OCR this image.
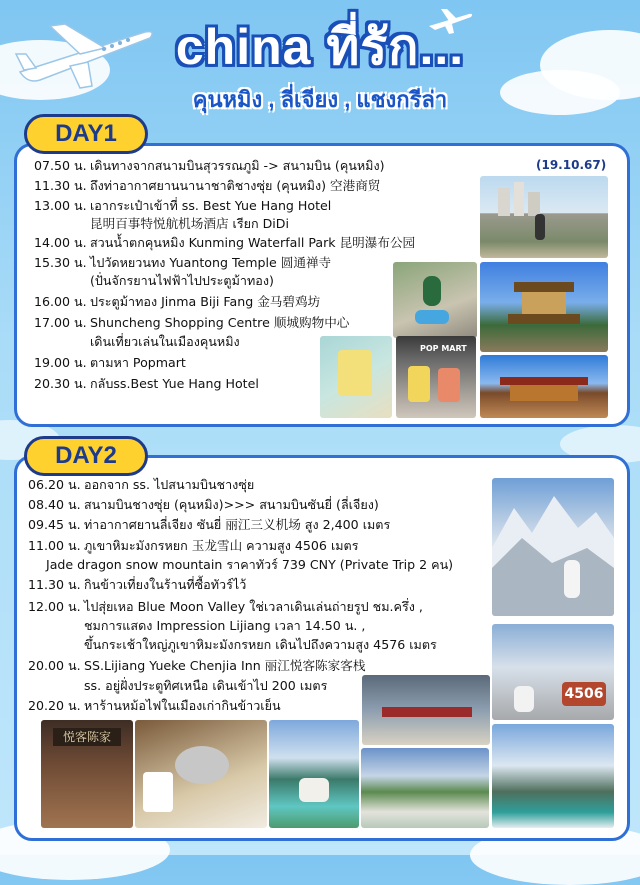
china ที่รัก...
คุนหมิง , ลี่เจียง , แชงกรีล่า
DAY1
(19.10.67)
07.50 น. เดินทางจากสนามบินสุวรรณภูมิ -> สนามบิน (คุนหมิง)
11.30 น. ถึงท่าอากาศยานนานาชาติชางซุ่ย (คุนหมิง) 空港商贸
13.00 น. เอากระเป๋าเข้าที่ ss. Best Yue Hang Hotel
昆明百事特悦航机场酒店 เรียก DiDi
14.00 น. สวนน้ำตกคุนหมิง Kunming Waterfall Park 昆明瀑布公园
15.30 น. ไปวัดหยวนทง Yuantong Temple 圆通禅寺
(ปั่นจักรยานไฟฟ้าไปประตูม้าทอง)
16.00 น. ประตูม้าทอง Jinma Biji Fang 金马碧鸡坊
17.00 น. Shuncheng Shopping Centre 顺城购物中心
เดินเที่ยวเล่นในเมืองคุนหมิง
19.00 น. ตามหา Popmart
20.30 น. กลับss.Best Yue Hang Hotel
POP MART
DAY2
06.20 น. ออกจาก ss. ไปสนามบินชางซุ่ย
08.40 น. สนามบินชางซุ่ย (คุนหมิง)>>> สนามบินซันยี่ (ลี่เจียง)
09.45 น. ท่าอากาศยานลี่เจียง ซันยี่ 丽江三义机场 สูง 2,400 เมตร
11.00 น. ภูเขาหิมะมังกรหยก 玉龙雪山 ความสูง 4506 เมตร
Jade dragon snow mountain ราคาทัวร์ 739 CNY (Private Trip 2 คน)
11.30 น. กินข้าวเที่ยงในร้านที่ซื้อทัวร์ไว้
12.00 น. ไปสุ่ยเหอ Blue Moon Valley ใช่เวลาเดินเล่นถ่ายรูป ชม.ครึ่ง ,
ชมการแสดง Impression Lijiang เวลา 14.50 น. ,
ขึ้นกระเช้าใหญ่ภูเขาหิมะมังกรหยก เดินไปถึงความสูง 4576 เมตร
20.00 น. SS.Lijiang Yueke Chenjia Inn 丽江悦客陈家客栈
ss. อยู่ฝั่งประตูทิศเหนือ เดินเข้าไป 200 เมตร
20.20 น. หาร้านหม้อไฟในเมืองเก่ากินข้าวเย็น
4506
悦客陈家
